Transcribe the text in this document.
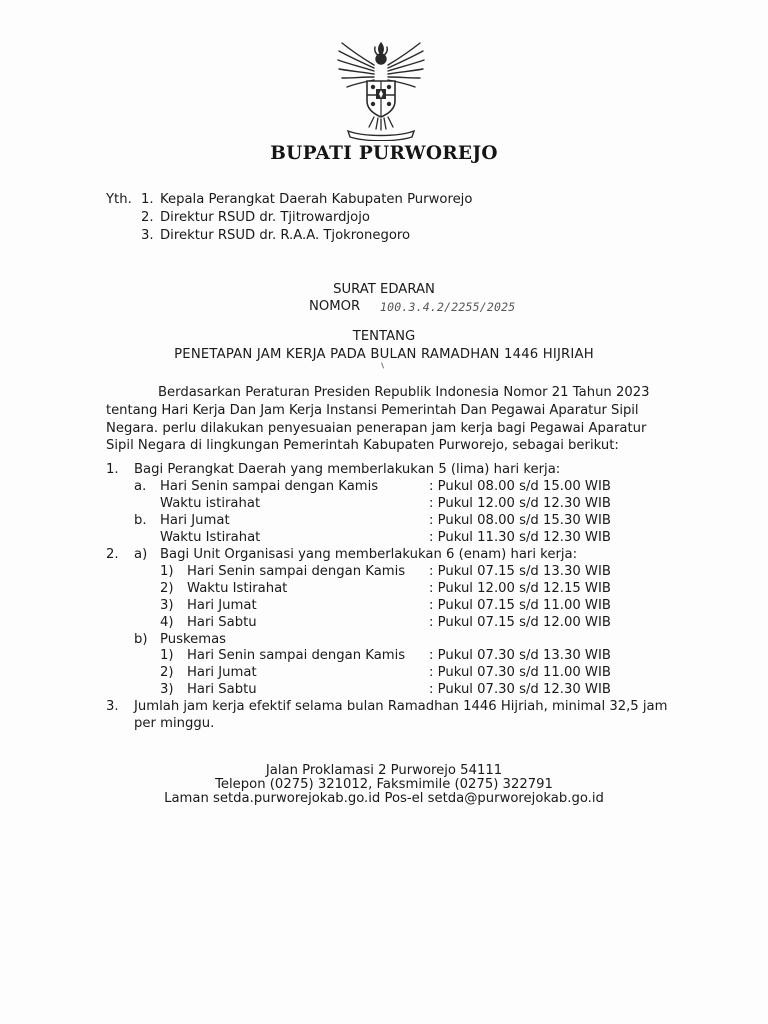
BUPATI PURWOREJO
Yth. 1. Kepala Perangkat Daerah Kabupaten Purworejo
2. Direktur RSUD dr. Tjitrowardjojo
3. Direktur RSUD dr. R.A.A. Tjokronegoro
SURAT EDARAN
NOMOR 100.3.4.2/2255/2025
TENTANG
PENETAPAN JAM KERJA PADA BULAN RAMADHAN 1446 HIJRIAH
Berdasarkan Peraturan Presiden Republik Indonesia Nomor 21 Tahun 2023
tentang Hari Kerja Dan Jam Kerja Instansi Pemerintah Dan Pegawai Aparatur Sipil
Negara. perlu dilakukan penyesuaian penerapan jam kerja bagi Pegawai Aparatur
Sipil Negara di lingkungan Pemerintah Kabupaten Purworejo, sebagai berikut:
1. Bagi Perangkat Daerah yang memberlakukan 5 (lima) hari kerja:
a. Hari Senin sampai dengan Kamis	: Pukul 08.00 s/d 15.00 WIB
Waktu istirahat	: Pukul 12.00 s/d 12.30 WIB
b. Hari Jumat	: Pukul 08.00 s/d 15.30 WIB
Waktu Istirahat	: Pukul 11.30 s/d 12.30 WIB
2. a) Bagi Unit Organisasi yang memberlakukan 6 (enam) hari kerja:
1) Hari Senin sampai dengan Kamis : Pukul 07.15 s/d 13.30 WIB
2) Waktu Istirahat	: Pukul 12.00 s/d 12.15 WIB
3) Hari Jumat	: Pukul 07.15 s/d 11.00 WIB
4) Hari Sabtu	: Pukul 07.15 s/d 12.00 WIB
b) Puskemas
1) Hari Senin sampai dengan Kamis : Pukul 07.30 s/d 13.30 WIB
2) Hari Jumat	: Pukul 07.30 s/d 11.00 WIB
3) Hari Sabtu	: Pukul 07.30 s/d 12.30 WIB
3. Jumlah jam kerja efektif selama bulan Ramadhan 1446 Hijriah, minimal 32,5 jam
per minggu.
Jalan Proklamasi 2 Purworejo 54111
Telepon (0275) 321012, Faksmimile (0275) 322791
Laman setda.purworejokab.go.id Pos-el setda@purworejokab.go.id
